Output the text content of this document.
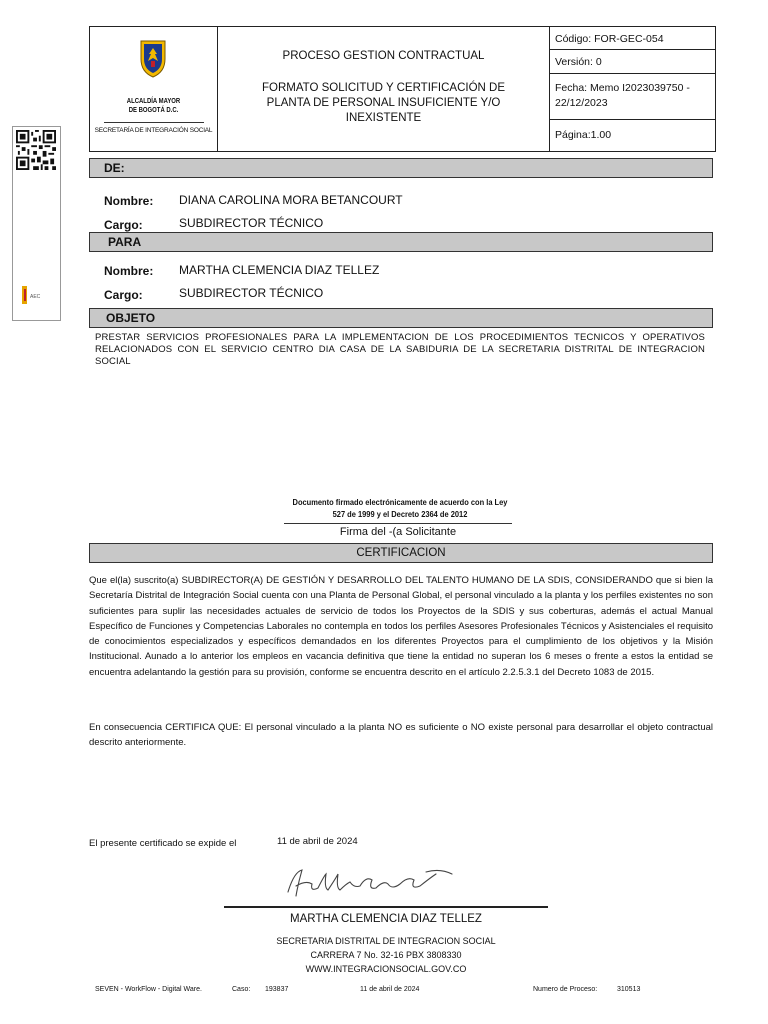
AEC
ALCALDÍA MAYOR
DE BOGOTÁ D.C.
SECRETARÍA DE INTEGRACIÓN SOCIAL
PROCESO GESTION CONTRACTUAL
FORMATO SOLICITUD Y CERTIFICACIÓN DE PLANTA DE PERSONAL INSUFICIENTE Y/O INEXISTENTE
Código: FOR-GEC-054
Versión: 0
Fecha: Memo I2023039750 - 22/12/2023
Página:1.00
DE:
Nombre: DIANA CAROLINA MORA BETANCOURT
Cargo:	SUBDIRECTOR TÉCNICO
PARA
Nombre: MARTHA CLEMENCIA DIAZ TELLEZ
Cargo:	SUBDIRECTOR TÉCNICO
OBJETO
PRESTAR SERVICIOS PROFESIONALES PARA LA IMPLEMENTACION DE LOS PROCEDIMIENTOS TECNICOS Y OPERATIVOS RELACIONADOS CON EL SERVICIO CENTRO DIA CASA DE LA SABIDURIA DE LA SECRETARIA DISTRITAL DE INTEGRACION SOCIAL
Documento firmado electrónicamente de acuerdo con la Ley
527 de 1999 y el Decreto 2364 de 2012
Firma del -(a Solicitante
CERTIFICACION
Que el(la) suscrito(a) SUBDIRECTOR(A) DE GESTIÓN Y DESARROLLO DEL TALENTO HUMANO DE LA SDIS, CONSIDERANDO que si bien la Secretaría Distrital de Integración Social cuenta con una Planta de Personal Global, el personal vinculado a la planta y los perfiles existentes no son suficientes para suplir las necesidades actuales de servicio de todos los Proyectos de la SDIS y sus coberturas, además el actual Manual Específico de Funciones y Competencias Laborales no contempla en todos los perfiles Asesores Profesionales Técnicos y Asistenciales el requisito de conocimientos especializados y específicos demandados en los diferentes Proyectos para el cumplimiento de los objetivos y la Misión Institucional. Aunado a lo anterior los empleos en vacancia definitiva que tiene la entidad no superan los 6 meses o frente a estos la entidad se encuentra adelantando la gestión para su provisión, conforme se encuentra descrito en el artículo 2.2.5.3.1 del Decreto 1083 de 2015.
En consecuencia CERTIFICA QUE: El personal vinculado a la planta NO es suficiente o NO existe personal para desarrollar el objeto contractual descrito anteriormente.
El presente certificado se expide el	11 de abril de 2024
MARTHA CLEMENCIA DIAZ TELLEZ
SECRETARIA DISTRITAL DE INTEGRACION SOCIAL
CARRERA 7 No. 32-16 PBX 3808330
WWW.INTEGRACIONSOCIAL.GOV.CO
SEVEN - WorkFlow - Digital Ware.	Caso: 193837	11 de abril de 2024	Numero de Proceso:	310513
